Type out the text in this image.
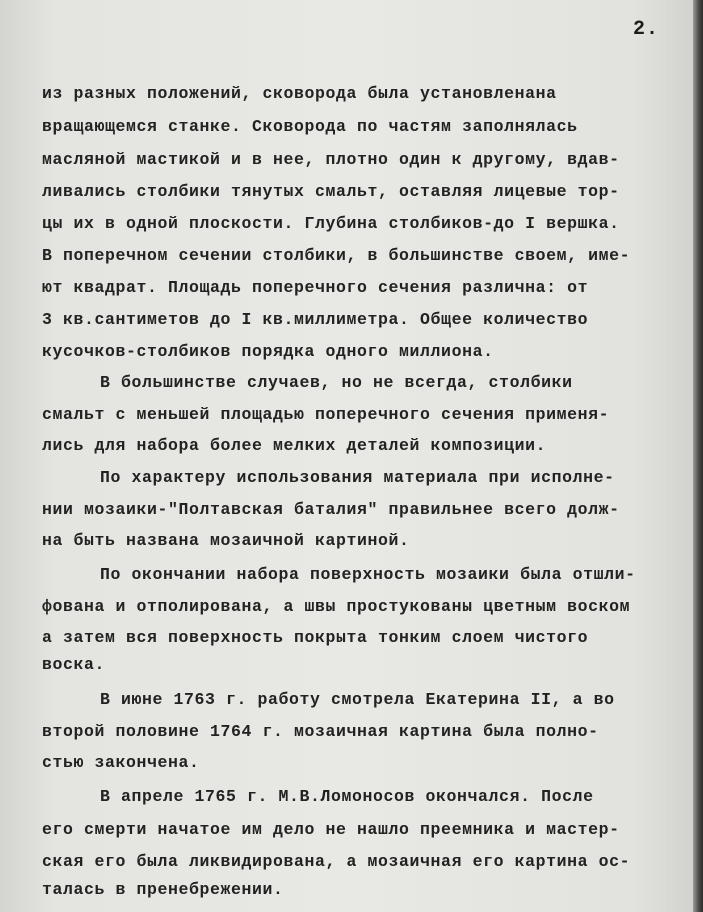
2.
из разных положений, сковорода была установленана
вращающемся станке. Сковорода по частям заполнялась
масляной мастикой и в нее, плотно один к другому, вдав-
ливались столбики тянутых смальт, оставляя лицевые тор-
цы их в одной плоскости. Глубина столбиков-до I вершка.
В поперечном сечении столбики, в большинстве своем, име-
ют квадрат. Площадь поперечного сечения различна: от
3 кв.сантиметов до I кв.миллиметра. Общее количество
кусочков-столбиков порядка одного миллиона.
В большинстве случаев, но не всегда, столбики
смальт с меньшей площадью поперечного сечения применя-
лись для набора более мелких деталей композиции.
По характеру использования материала при исполне-
нии мозаики-"Полтавская баталия" правильнее всего долж-
на быть названа мозаичной картиной.
По окончании набора поверхность мозаики была отшли-
фована и отполирована, а швы простукованы цветным воском
а затем вся поверхность покрыта тонким слоем чистого
воска.
В июне 1763 г. работу смотрела Екатерина II, а во
второй половине 1764 г. мозаичная картина была полно-
стью закончена.
В апреле 1765 г. М.В.Ломоносов окончался. После
его смерти начатое им дело не нашло преемника и мастер-
ская его была ликвидирована, а мозаичная его картина ос-
талась в пренебрежении.
